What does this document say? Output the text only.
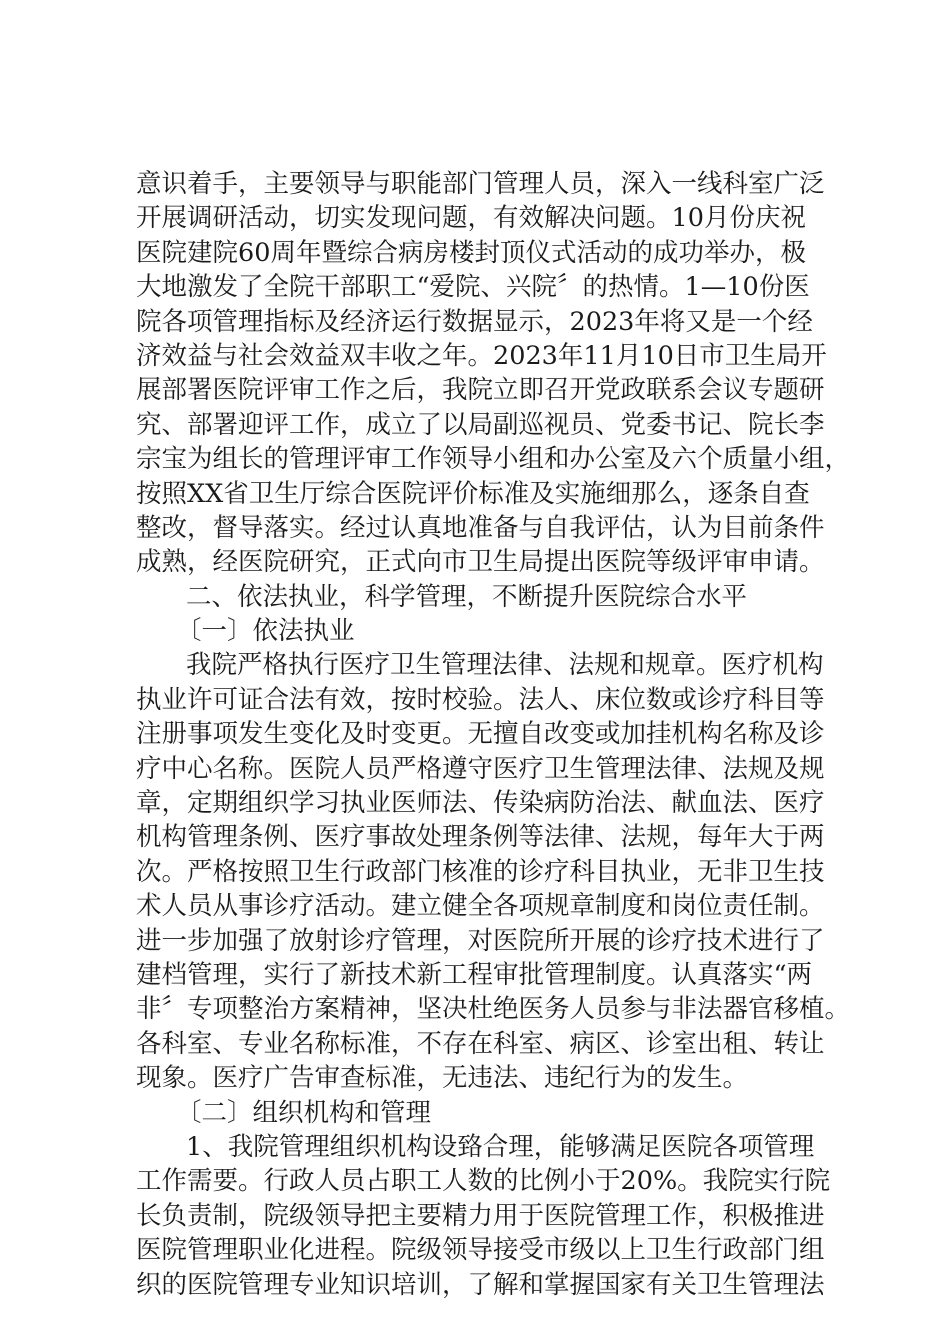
意识着手，主要领导与职能部门管理人员，深入一线科室广泛
开展调研活动，切实发现问题，有效解决问题。10月份庆祝
医院建院60周年暨综合病房楼封顶仪式活动的成功举办，极
大地激发了全院干部职工“爱院、兴院〞的热情。1—10份医
院各项管理指标及经济运行数据显示，2023年将又是一个经
济效益与社会效益双丰收之年。2023年11月10日市卫生局开
展部署医院评审工作之后，我院立即召开党政联系会议专题研
究、部署迎评工作，成立了以局副巡视员、党委书记、院长李
宗宝为组长的管理评审工作领导小组和办公室及六个质量小组，
按照XX省卫生厅综合医院评价标准及实施细那么，逐条自查
整改，督导落实。经过认真地准备与自我评估，认为目前条件
成熟，经医院研究，正式向市卫生局提出医院等级评审申请。
二、依法执业，科学管理，不断提升医院综合水平
〔一〕依法执业
我院严格执行医疗卫生管理法律、法规和规章。医疗机构
执业许可证合法有效，按时校验。法人、床位数或诊疗科目等
注册事项发生变化及时变更。无擅自改变或加挂机构名称及诊
疗中心名称。医院人员严格遵守医疗卫生管理法律、法规及规
章，定期组织学习执业医师法、传染病防治法、献血法、医疗
机构管理条例、医疗事故处理条例等法律、法规，每年大于两
次。严格按照卫生行政部门核准的诊疗科目执业，无非卫生技
术人员从事诊疗活动。建立健全各项规章制度和岗位责任制。
进一步加强了放射诊疗管理，对医院所开展的诊疗技术进行了
建档管理，实行了新技术新工程审批管理制度。认真落实“两
非〞专项整治方案精神，坚决杜绝医务人员参与非法器官移植。
各科室、专业名称标准，不存在科室、病区、诊室出租、转让
现象。医疗广告审查标准，无违法、违纪行为的发生。
〔二〕组织机构和管理
1、我院管理组织机构设臵合理，能够满足医院各项管理
工作需要。行政人员占职工人数的比例小于20%。我院实行院
长负责制，院级领导把主要精力用于医院管理工作，积极推进
医院管理职业化进程。院级领导接受市级以上卫生行政部门组
织的医院管理专业知识培训，了解和掌握国家有关卫生管理法
